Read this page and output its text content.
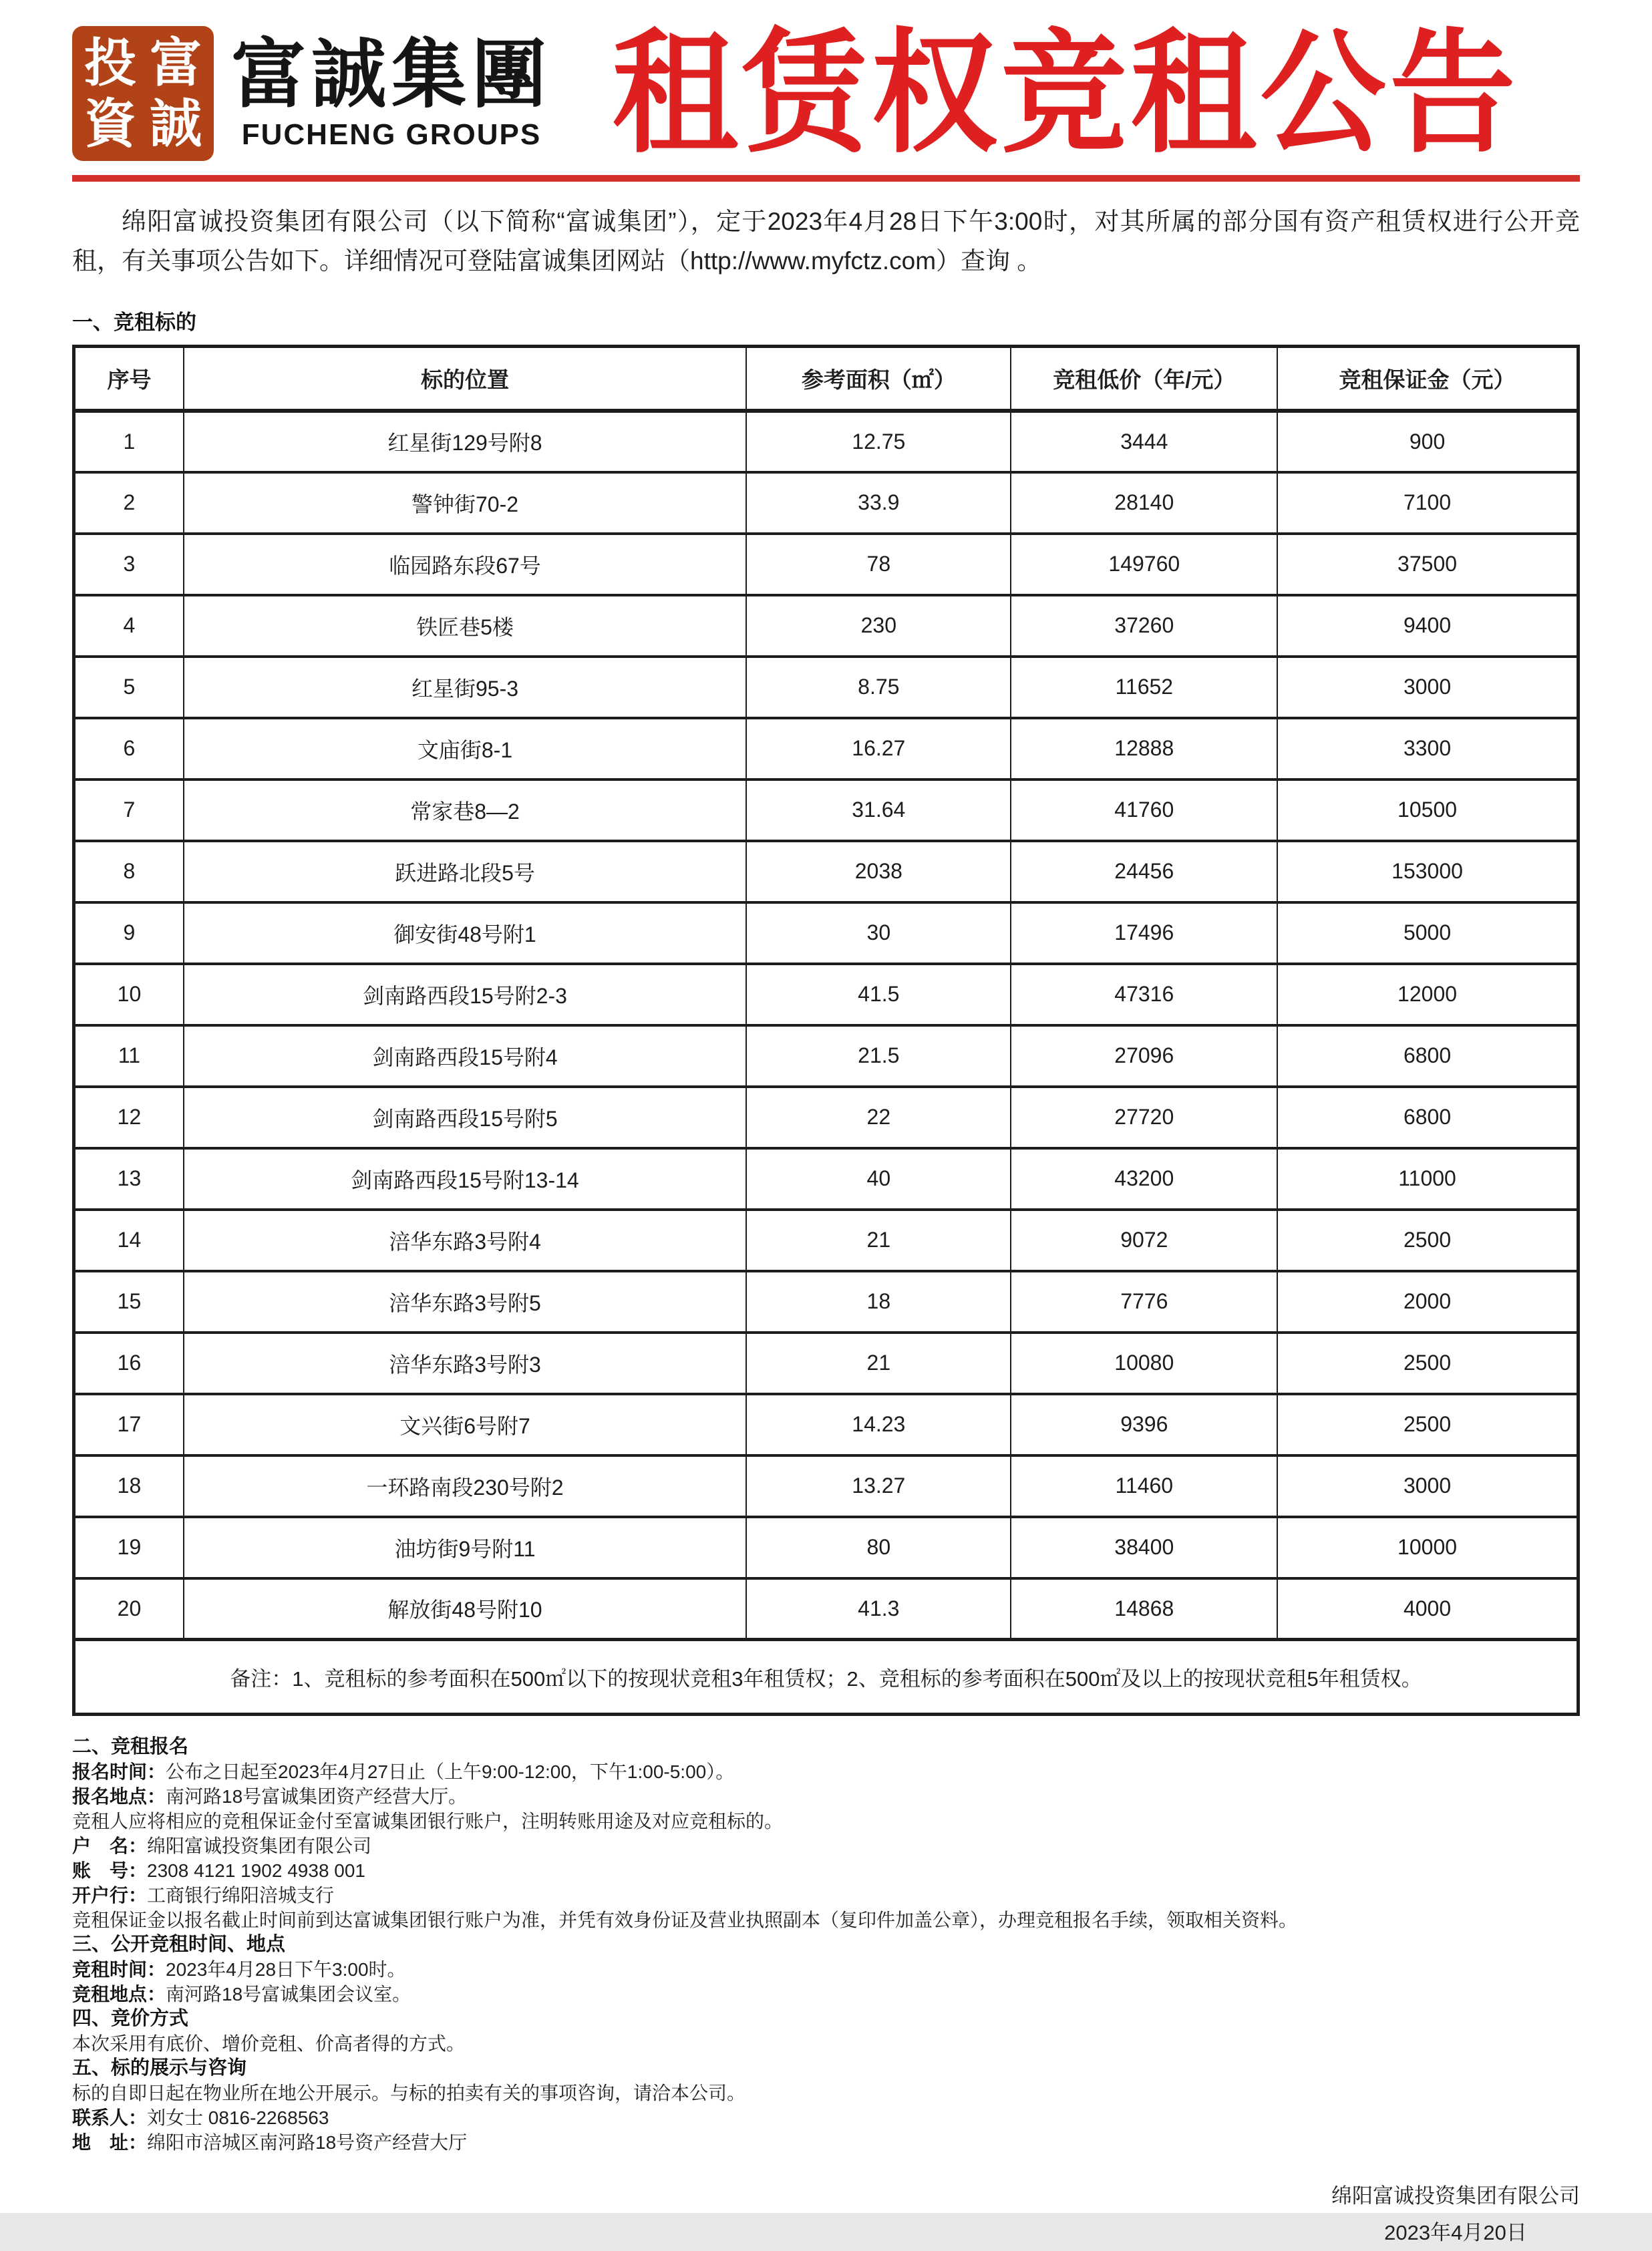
投 富
資 誠
富誠集團
FUCHENG GROUPS 租赁权竞租公告

绵阳富诚投资集团有限公司（以下简称“富诚集团”），定于2023年4月28日下午3:00时，对其所属的部分国有资产租赁权进行公开竞租，有关事项公告如下。详细情况可登陆富诚集团网站（http://www.myfctz.com）查询 。

一、竞租标的
序号	标的位置	参考面积（㎡）	竞租低价（年/元）	竞租保证金（元）
1	红星街129号附8	12.75	3444	900
2	警钟街70-2	33.9	28140	7100
3	临园路东段67号	78	149760	37500
4	铁匠巷5楼	230	37260	9400
5	红星街95-3	8.75	11652	3000
6	文庙街8-1	16.27	12888	3300
7	常家巷8—2	31.64	41760	10500
8	跃进路北段5号	2038	24456	153000
9	御安街48号附1	30	17496	5000
10	剑南路西段15号附2-3	41.5	47316	12000
11	剑南路西段15号附4	21.5	27096	6800
12	剑南路西段15号附5	22	27720	6800
13	剑南路西段15号附13-14	40	43200	11000
14	涪华东路3号附4	21	9072	2500
15	涪华东路3号附5	18	7776	2000
16	涪华东路3号附3	21	10080	2500
17	文兴街6号附7	14.23	9396	2500
18	一环路南段230号附2	13.27	11460	3000
19	油坊街9号附11	80	38400	10000
20	解放街48号附10	41.3	14868	4000
备注：1、竞租标的参考面积在500㎡以下的按现状竞租3年租赁权；2、竞租标的参考面积在500㎡及以上的按现状竞租5年租赁权。				
二、竞租报名
报名时间：公布之日起至2023年4月27日止（上午9:00-12:00，下午1:00-5:00）。
报名地点：南河路18号富诚集团资产经营大厅。
竞租人应将相应的竞租保证金付至富诚集团银行账户，注明转账用途及对应竞租标的。
户　名：绵阳富诚投资集团有限公司
账　号：2308 4121 1902 4938 001
开户行：工商银行绵阳涪城支行
竞租保证金以报名截止时间前到达富诚集团银行账户为准，并凭有效身份证及营业执照副本（复印件加盖公章），办理竞租报名手续，领取相关资料。
三、公开竞租时间、地点
竞租时间：2023年4月28日下午3:00时。
竞租地点：南河路18号富诚集团会议室。
四、竞价方式
本次采用有底价、增价竞租、价高者得的方式。
五、标的展示与咨询
标的自即日起在物业所在地公开展示。与标的拍卖有关的事项咨询，请洽本公司。
联系人：刘女士 0816-2268563
地　址：绵阳市涪城区南河路18号资产经营大厅
绵阳富诚投资集团有限公司
2023年4月20日
